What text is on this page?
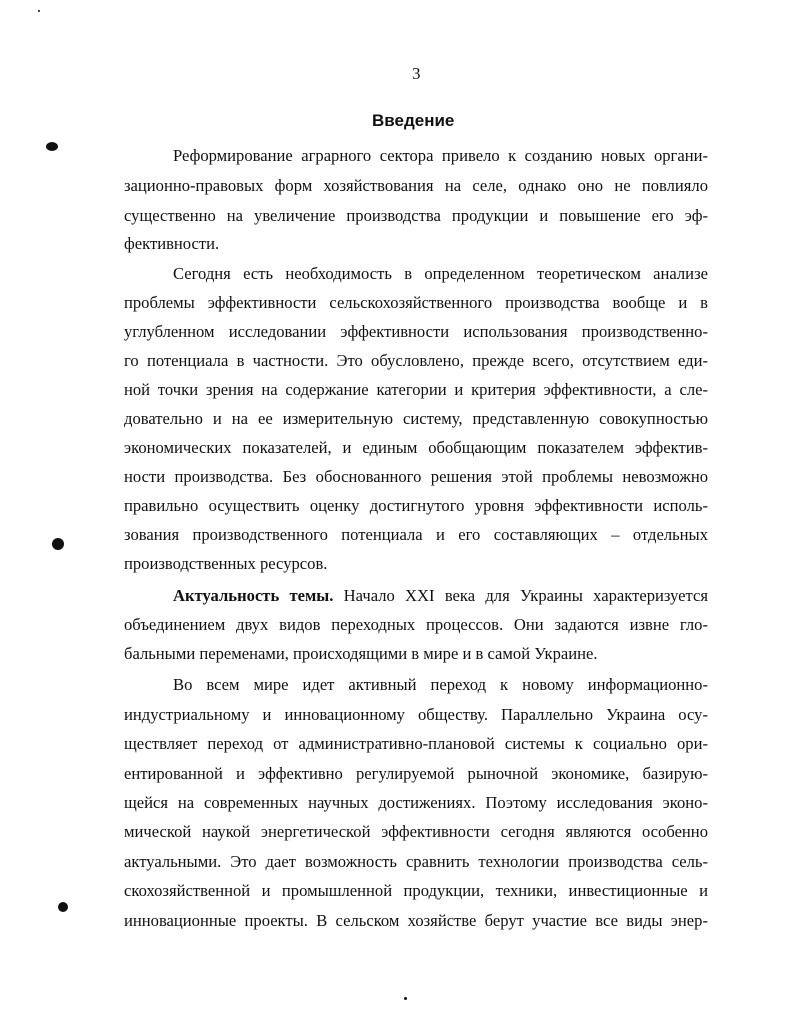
3
Введение
Реформирование аграрного сектора привело к созданию новых органи-
зационно-правовых форм хозяйствования на селе, однако оно не повлияло
существенно на увеличение производства продукции и повышение его эф-
фективности.
Сегодня есть необходимость в определенном теоретическом анализе
проблемы эффективности сельскохозяйственного производства вообще и в
углубленном исследовании эффективности использования производственно-
го потенциала в частности. Это обусловлено, прежде всего, отсутствием еди-
ной точки зрения на содержание категории и критерия эффективности, а сле-
довательно и на ее измерительную систему, представленную совокупностью
экономических показателей, и единым обобщающим показателем эффектив-
ности производства. Без обоснованного решения этой проблемы невозможно
правильно осуществить оценку достигнутого уровня эффективности исполь-
зования производственного потенциала и его составляющих – отдельных
производственных ресурсов.
Актуальность темы. Начало XXI века для Украины характеризуется
объединением двух видов переходных процессов. Они задаются извне гло-
бальными переменами, происходящими в мире и в самой Украине.
Во всем мире идет активный переход к новому информационно-
индустриальному и инновационному обществу. Параллельно Украина осу-
ществляет переход от административно-плановой системы к социально ори-
ентированной и эффективно регулируемой рыночной экономике, базирую-
щейся на современных научных достижениях. Поэтому исследования эконо-
мической наукой энергетической эффективности сегодня являются особенно
актуальными. Это дает возможность сравнить технологии производства сель-
скохозяйственной и промышленной продукции, техники, инвестиционные и
инновационные проекты. В сельском хозяйстве берут участие все виды энер-
